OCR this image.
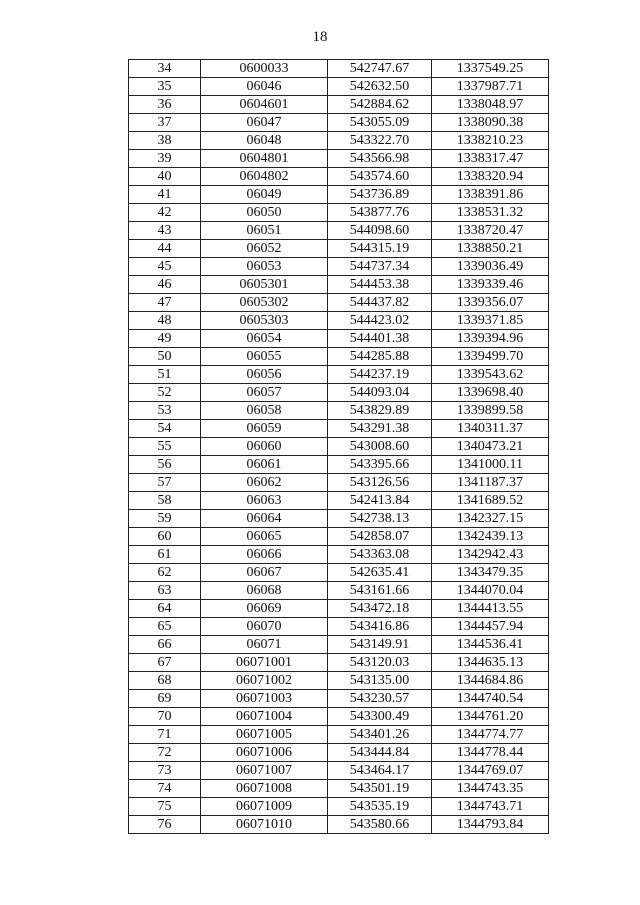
18
34	0600033	542747.67	1337549.25
35	06046	542632.50	1337987.71
36	0604601	542884.62	1338048.97
37	06047	543055.09	1338090.38
38	06048	543322.70	1338210.23
39	0604801	543566.98	1338317.47
40	0604802	543574.60	1338320.94
41	06049	543736.89	1338391.86
42	06050	543877.76	1338531.32
43	06051	544098.60	1338720.47
44	06052	544315.19	1338850.21
45	06053	544737.34	1339036.49
46	0605301	544453.38	1339339.46
47	0605302	544437.82	1339356.07
48	0605303	544423.02	1339371.85
49	06054	544401.38	1339394.96
50	06055	544285.88	1339499.70
51	06056	544237.19	1339543.62
52	06057	544093.04	1339698.40
53	06058	543829.89	1339899.58
54	06059	543291.38	1340311.37
55	06060	543008.60	1340473.21
56	06061	543395.66	1341000.11
57	06062	543126.56	1341187.37
58	06063	542413.84	1341689.52
59	06064	542738.13	1342327.15
60	06065	542858.07	1342439.13
61	06066	543363.08	1342942.43
62	06067	542635.41	1343479.35
63	06068	543161.66	1344070.04
64	06069	543472.18	1344413.55
65	06070	543416.86	1344457.94
66	06071	543149.91	1344536.41
67	06071001	543120.03	1344635.13
68	06071002	543135.00	1344684.86
69	06071003	543230.57	1344740.54
70	06071004	543300.49	1344761.20
71	06071005	543401.26	1344774.77
72	06071006	543444.84	1344778.44
73	06071007	543464.17	1344769.07
74	06071008	543501.19	1344743.35
75	06071009	543535.19	1344743.71
76	06071010	543580.66	1344793.84
